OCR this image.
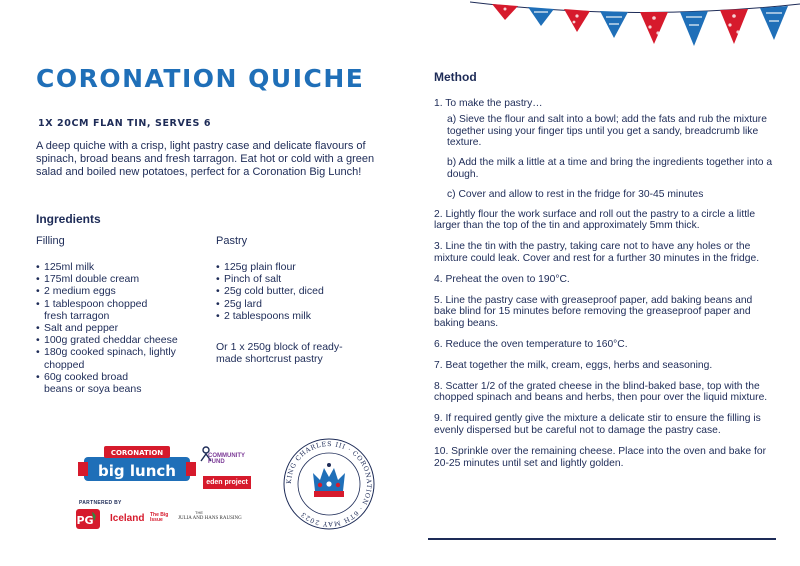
CORONATION QUICHE
1X 20CM FLAN TIN, SERVES 6
A deep quiche with a crisp, light pastry case and delicate flavours of spinach, broad beans and fresh tarragon. Eat hot or cold with a green salad and boiled new potatoes, perfect for a Coronation Big Lunch!
Ingredients
Filling
• 125ml milk
• 175ml double cream
• 2 medium eggs
• 1 tablespoon chopped fresh tarragon
• Salt and pepper
• 100g grated cheddar cheese
• 180g cooked spinach, lightly chopped
• 60g cooked broad beans or soya beans
Pastry
• 125g plain flour
• Pinch of salt
• 25g cold butter, diced
• 25g lard
• 2 tablespoons milk
Or 1 x 250g block of ready-made shortcrust pastry
CORONATION
big lunch
COMMUNITY FUND
eden project
PARTNERED BY
PG Iceland The Big Issue
THE
JULIA AND HANS RAUSING
KING CHARLES III · CORONATION · 6TH MAY 2023
Method
1. To make the pastry…
a) Sieve the flour and salt into a bowl; add the fats and rub the mixture together using your finger tips until you get a sandy, breadcrumb like texture.
b) Add the milk a little at a time and bring the ingredients together into a dough.
c) Cover and allow to rest in the fridge for 30-45 minutes
2. Lightly flour the work surface and roll out the pastry to a circle a little larger than the top of the tin and approximately 5mm thick.
3. Line the tin with the pastry, taking care not to have any holes or the mixture could leak. Cover and rest for a further 30 minutes in the fridge.
4. Preheat the oven to 190°C.
5. Line the pastry case with greaseproof paper, add baking beans and bake blind for 15 minutes before removing the greaseproof paper and baking beans.
6. Reduce the oven temperature to 160°C.
7. Beat together the milk, cream, eggs, herbs and seasoning.
8. Scatter 1/2 of the grated cheese in the blind-baked base, top with the chopped spinach and beans and herbs, then pour over the liquid mixture.
9. If required gently give the mixture a delicate stir to ensure the filling is evenly dispersed but be careful not to damage the pastry case.
10. Sprinkle over the remaining cheese. Place into the oven and bake for 20-25 minutes until set and lightly golden.
